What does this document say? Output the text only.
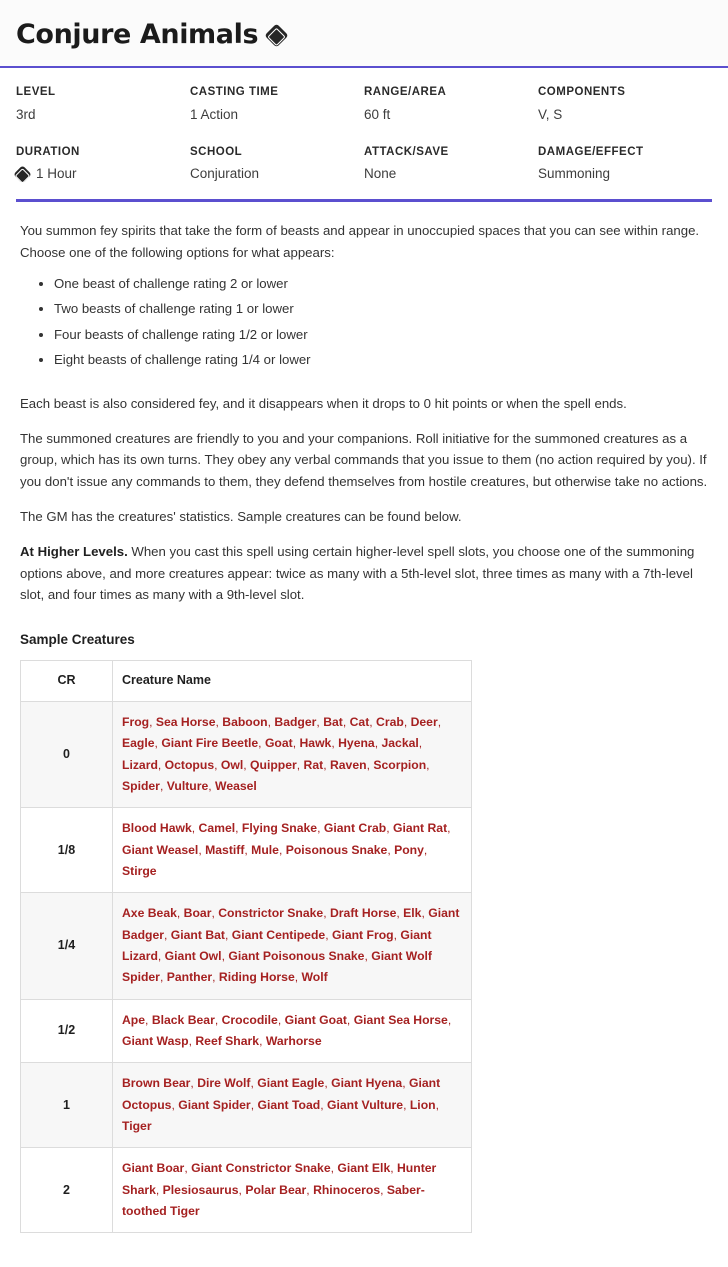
Conjure Animals
LEVEL
3rd
CASTING TIME
1 Action
RANGE/AREA
60 ft
COMPONENTS
V, S
DURATION
1 Hour
SCHOOL
Conjuration
ATTACK/SAVE
None
DAMAGE/EFFECT
Summoning

You summon fey spirits that take the form of beasts and appear in unoccupied spaces that you can see within range. Choose one of the following options for what appears:

• One beast of challenge rating 2 or lower
• Two beasts of challenge rating 1 or lower
• Four beasts of challenge rating 1/2 or lower
• Eight beasts of challenge rating 1/4 or lower

Each beast is also considered fey, and it disappears when it drops to 0 hit points or when the spell ends.

The summoned creatures are friendly to you and your companions. Roll initiative for the summoned creatures as a group, which has its own turns. They obey any verbal commands that you issue to them (no action required by you). If you don't issue any commands to them, they defend themselves from hostile creatures, but otherwise take no actions.

The GM has the creatures' statistics. Sample creatures can be found below.

At Higher Levels. When you cast this spell using certain higher-level spell slots, you choose one of the summoning options above, and more creatures appear: twice as many with a 5th-level slot, three times as many with a 7th-level slot, and four times as many with a 9th-level slot.

Sample Creatures
CR	Creature Name
0	Frog, Sea Horse, Baboon, Badger, Bat, Cat, Crab, Deer, Eagle, Giant Fire Beetle, Goat, Hawk, Hyena, Jackal, Lizard, Octopus, Owl, Quipper, Rat, Raven, Scorpion, Spider, Vulture, Weasel
1/8	Blood Hawk, Camel, Flying Snake, Giant Crab, Giant Rat, Giant Weasel, Mastiff, Mule, Poisonous Snake, Pony, Stirge
1/4	Axe Beak, Boar, Constrictor Snake, Draft Horse, Elk, Giant Badger, Giant Bat, Giant Centipede, Giant Frog, Giant Lizard, Giant Owl, Giant Poisonous Snake, Giant Wolf Spider, Panther, Riding Horse, Wolf
1/2	Ape, Black Bear, Crocodile, Giant Goat, Giant Sea Horse, Giant Wasp, Reef Shark, Warhorse
1	Brown Bear, Dire Wolf, Giant Eagle, Giant Hyena, Giant Octopus, Giant Spider, Giant Toad, Giant Vulture, Lion, Tiger
2	Giant Boar, Giant Constrictor Snake, Giant Elk, Hunter Shark, Plesiosaurus, Polar Bear, Rhinoceros, Saber-toothed Tiger
